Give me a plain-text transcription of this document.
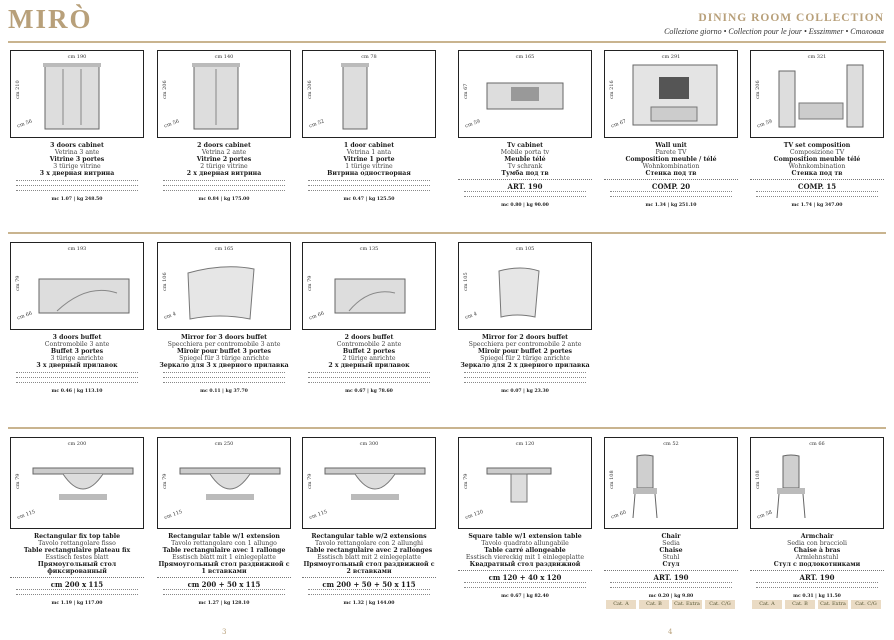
MIRÒ	DINING ROOM COLLECTION
Collezione giorno • Collection pour le jour • Esszimmer • Столовая
cm 190
cm 210
cm 56
3 doors cabinet
Vetrina 3 ante
Vitrine 3 portes
3 türige vitrine
3 х дверная витрина
mc 1.07 | kg 248.50
cm 140
cm 206
cm 56
2 doors cabinet
Vetrina 2 ante
Vitrine 2 portes
2 türige vitrine
2 х дверная витрина
mc 0.84 | kg 175.00
cm 78
cm 206
cm 52
1 door cabinet
Vetrina 1 anta
Vitrine 1 porte
1 türige vitrine
Витрина одностворная
mc 0.47 | kg 125.50
cm 165
cm 67
cm 59
Tv cabinet
Mobile porta tv
Meuble télé
Tv schrank
Тумба под тв
ART. 190
mc 0.80 | kg 90.00
cm 291
cm 216
cm 67
Wall unit
Parete TV
Composition meuble / télé
Wohnkombination
Стенка под тв
COMP. 20
mc 1.34 | kg 251.10
cm 321
cm 206
cm 59
TV set composition
Composizione TV
Composition meuble télé
Wohnkombination
Стенка под тв
COMP. 15
mc 1.74 | kg 347.00
cm 193
cm 79
cm 66
3 doors buffet
Contromobile 3 ante
Buffet 3 portes
3 türige anrichte
3 х дверный прилавок
mc 0.46 | kg 113.10
cm 165
cm 106
cm 4
Mirror for 3 doors buffet
Specchiera per contromobile 3 ante
Miroir pour buffet 3 portes
Spiegel für 3 türige anrichte
Зеркало для 3 х дверного прилавка
mc 0.11 | kg 37.70
cm 135
cm 79
cm 66
2 doors buffet
Contromobile 2 ante
Buffet 2 portes
2 türige anrichte
2 х дверный прилавок
mc 0.67 | kg 78.60
cm 105
cm 105
cm 4
Mirror for 2 doors buffet
Specchiera per contromobile 2 ante
Miroir pour buffet 2 portes
Spiegel für 2 türige anrichte
Зеркало для 2 х дверного прилавка
mc 0.07 | kg 23.30
cm 200
cm 79
cm 115
Rectangular fix top table
Tavolo rettangolare fisso
Table rectangulaire plateau fix
Esstisch festes blatt
Прямоугольный стол фиксированный
cm 200 x 115
mc 1.19 | kg 117.00
cm 250
cm 79
cm 115
Rectangular table w/1 extension
Tavolo rettangolare con 1 allungo
Table rectangulaire avec 1 rallonge
Esstisch blatt mit 1 einlegeplatte
Прямоугольный стол раздвижной с 1 вставками
cm 200 + 50 x 115
mc 1.27 | kg 128.10
cm 300
cm 79
cm 115
Rectangular table w/2 extensions
Tavolo rettangolare con 2 allunghi
Table rectangulaire avec 2 rallonges
Esstisch blatt mit 2 einlegeplatte
Прямоугольный стол раздвижной с 2 вставками
cm 200 + 50 + 50 x 115
mc 1.32 | kg 144.00
cm 120
cm 79
cm 120
Square table w/1 extension table
Tavolo quadrato allungabile
Table carré allongeable
Esstisch viereckig mit 1 einlegeplatte
Квадратный стол раздвижной
cm 120 + 40 x 120
mc 0.67 | kg 82.40
cm 52
cm 108
cm 60
Chair
Sedia
Chaise
Stuhl
Стул
ART. 190
mc 0.20 | kg 9.80
cm 66
cm 108
cm 58
Armchair
Sedia con braccioli
Chaise à bras
Armlehnstuhl
Стул с подлокотниками
ART. 190
mc 0.31 | kg 11.50
Cat. A	Cat. B	Cat. Extra	Cat. C/G	Cat. A	Cat. B	Cat. Extra	Cat. C/G
3	4
